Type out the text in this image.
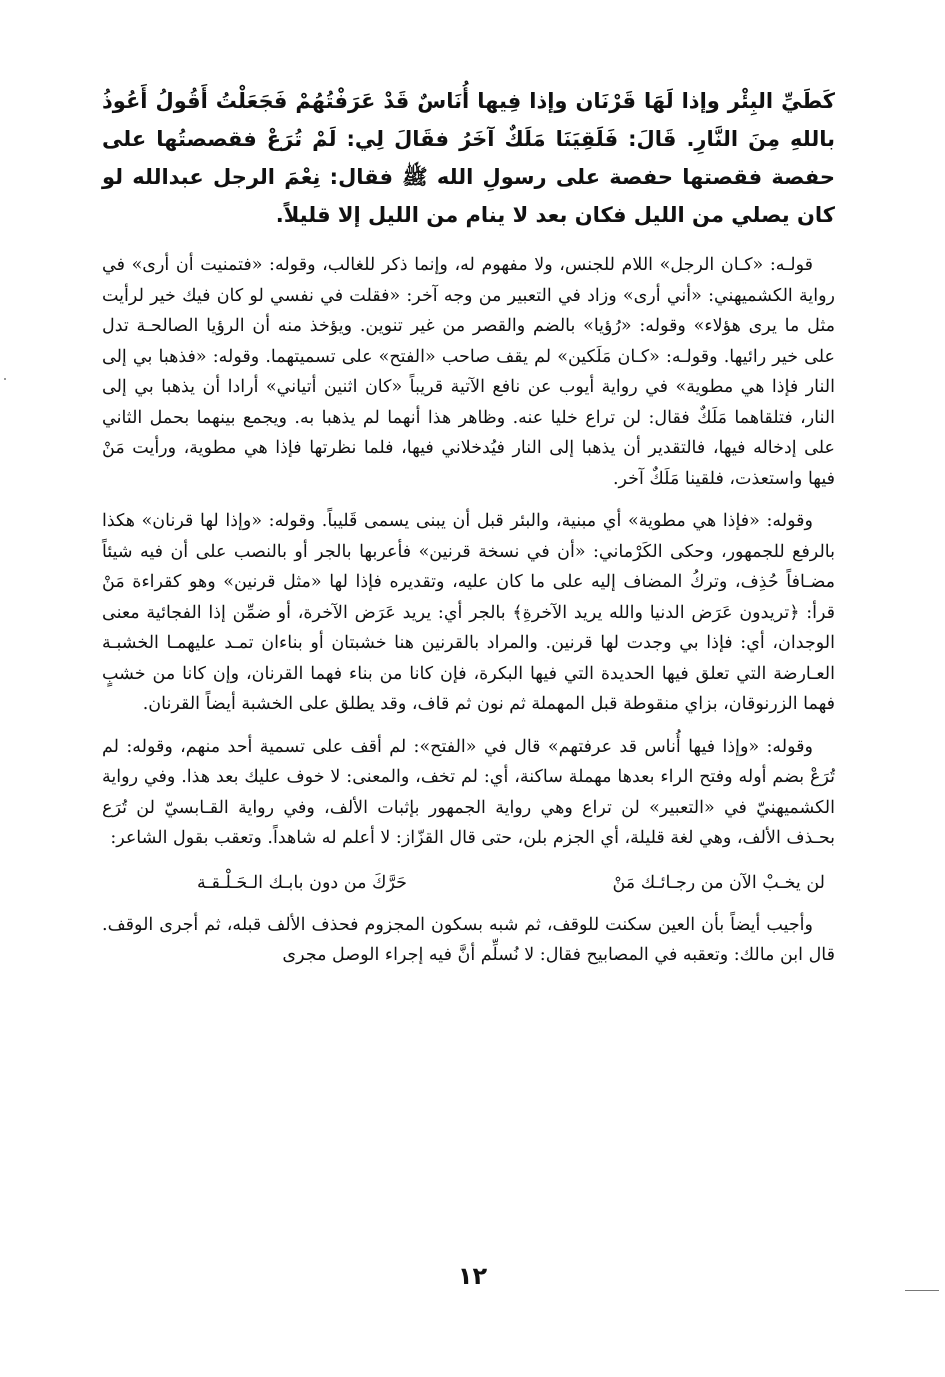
كَطَيِّ البِئْر وإذا لَهَا قَرْنَان وإذا فِيها أُنَاسٌ قَدْ عَرَفْتُهُمْ فَجَعَلْتُ أَقُولُ أَعُوذُ باللهِ مِنَ النَّارِ. قَالَ: فَلَقِيَنَا مَلَكٌ آخَرُ فقَالَ لِي: لَمْ تُرَعْ فقصصتُها على حفصة فقصتها حفصة على رسولِ الله ﷺ فقال: نِعْمَ الرجل عبدالله لو كان يصلي من الليل فكان بعد لا ينام من الليل إلا قليلاً.

قولـه: «كـان الرجل» اللام للجنس، ولا مفهوم له، وإنما ذكر للغالب، وقوله: «فتمنيت أن أرى» في رواية الكشميهني: «أني أرى» وزاد في التعبير من وجه آخر: «فقلت في نفسي لو كان فيك خير لرأيت مثل ما يرى هؤلاء» وقوله: «رُؤيا» بالضم والقصر من غير تنوين. ويؤخذ منه أن الرؤيا الصالحـة تدل على خير رائيها. وقولـه: «كـان مَلَكين» لم يقف صاحب «الفتح» على تسميتهما. وقوله: «فذهبا بي إلى النار فإذا هي مطوية» في رواية أيوب عن نافع الآتية قريباً «كان اثنين أتياني» أرادا أن يذهبا بي إلى النار، فتلقاهما مَلَكٌ فقال: لن تراع خليا عنه. وظاهر هذا أنهما لم يذهبا به. ويجمع بينهما بحمل الثاني على إدخاله فيها، فالتقدير أن يذهبا إلى النار فيُدخلاني فيها، فلما نظرتها فإذا هي مطوية، ورأيت مَنْ فيها واستعذت، فلقينا مَلَكٌ آخر.

وقوله: «فإذا هي مطوية» أي مبنية، والبئر قبل أن يبنى يسمى قَليباً. وقوله: «وإذا لها قرنان» هكذا بالرفع للجمهور، وحكى الكَرْماني: «أن في نسخة قرنين» فأعربها بالجر أو بالنصب على أن فيه شيئاً مضـافاً حُذِف، وتركُ المضاف إليه على ما كان عليه، وتقديره فإذا لها «مثل قرنين» وهو كقراءة مَنْ قرأ: ﴿تريدون عَرَض الدنيا والله يريد الآخرةِ﴾ بالجر أي: يريد عَرَض الآخرة، أو ضمِّن إذا الفجائية معنى الوجدان، أي: فإذا بي وجدت لها قرنين. والمراد بالقرنين هنا خشبتان أو بناءان تمـد عليهمـا الخشبـة العـارضة التي تعلق فيها الحديدة التي فيها البكرة، فإن كانا من بناء فهما القرنان، وإن كانا من خشبٍ فهما الزرنوقان، بزاي منقوطة قبل المهملة ثم نون ثم قاف، وقد يطلق على الخشبة أيضاً القرنان.

وقوله: «وإذا فيها أُناس قد عرفتهم» قال في «الفتح»: لم أقف على تسمية أحد منهم، وقوله: لم تُرَعْ بضم أوله وفتح الراء بعدها مهملة ساكنة، أي: لم تخف، والمعنى: لا خوف عليك بعد هذا. وفي رواية الكشميهنيّ في «التعبير» لن تراع وهي رواية الجمهور بإثبات الألف، وفي رواية القـابسيّ لن تُرَع بحـذف الألف، وهي لغة قليلة، أي الجزم بلن، حتى قال القزّاز: لا أعلم له شاهداً. وتعقب بقول الشاعر:

لن يخـبْ الآن من رجـائـك مَنْ
حَرَّكَ من دون بابـك الـحَـلْـقـة

وأجيب أيضاً بأن العين سكنت للوقف، ثم شبه بسكون المجزوم فحذف الألف قبله، ثم أجرى الوقف. قال ابن مالك: وتعقبه في المصابيح فقال: لا نُسلِّم أنَّ فيه إجراء الوصل مجرى

١٢
